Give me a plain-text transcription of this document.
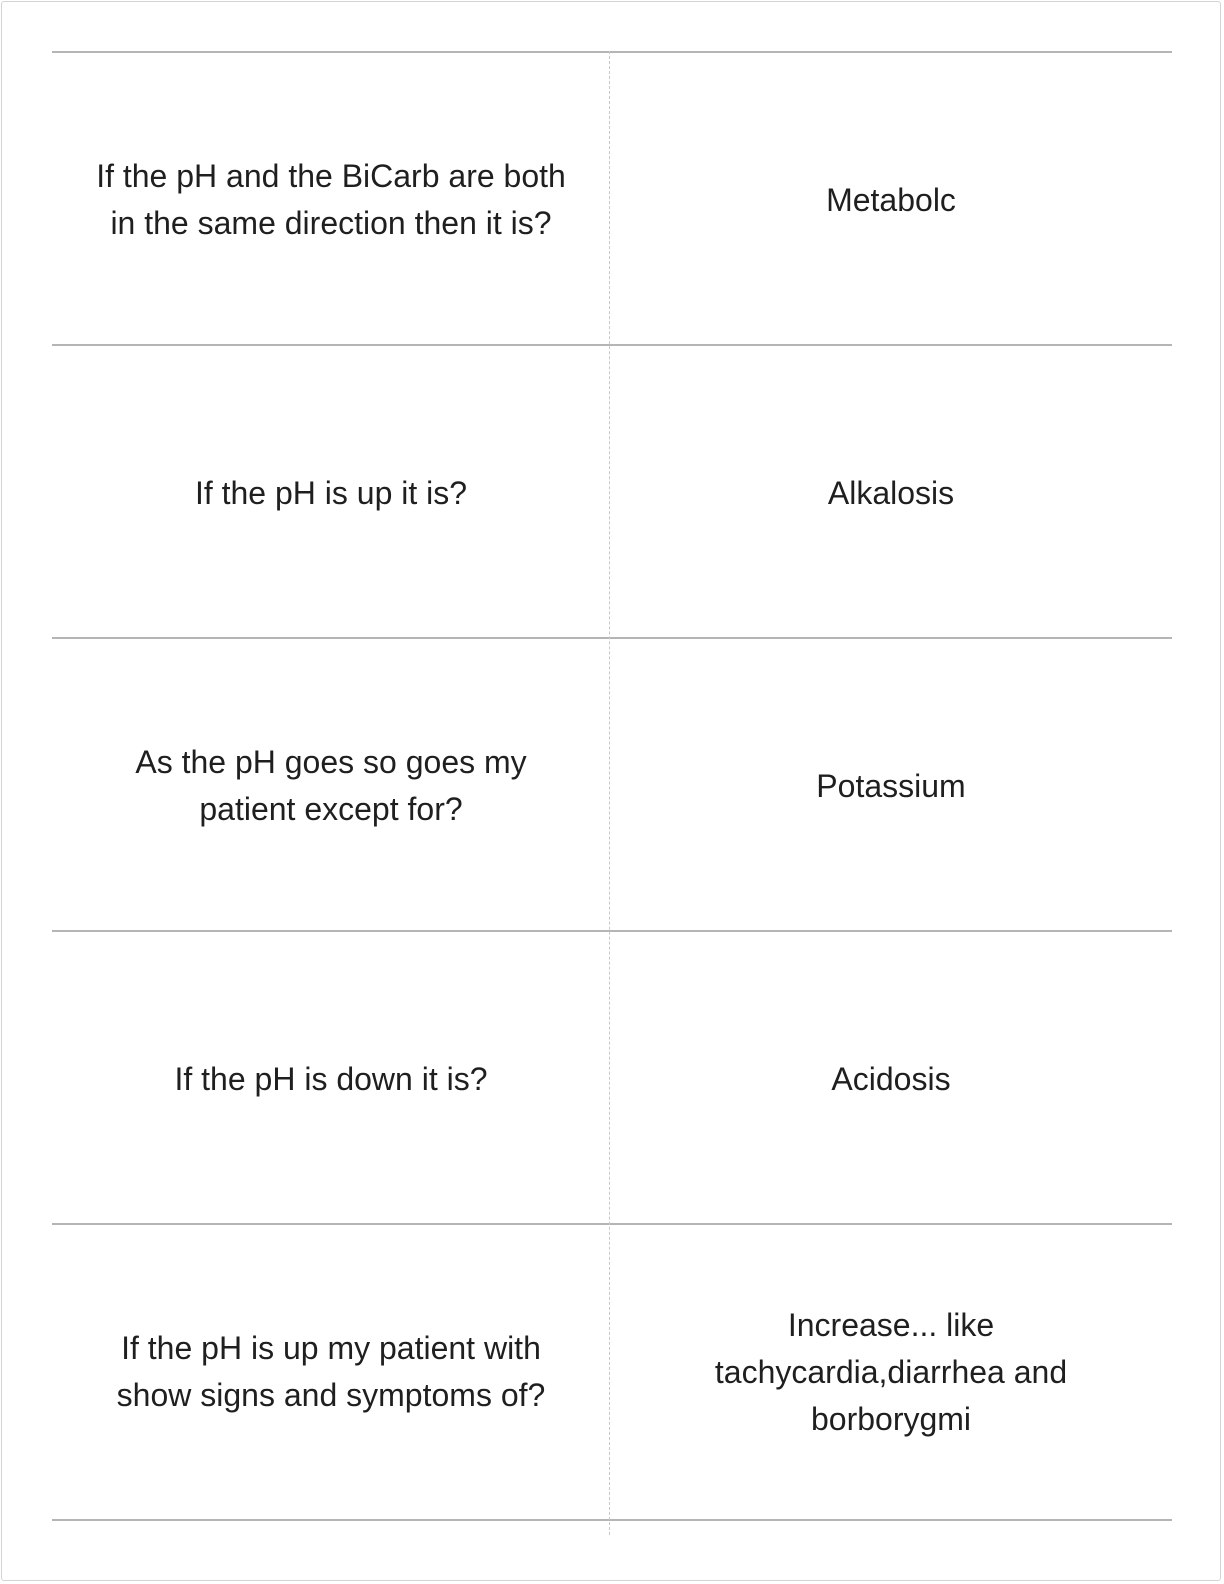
If the pH and the BiCarb are both
in the same direction then it is?
Metabolc
If the pH is up it is?	Alkalosis
As the pH goes so goes my
patient except for?
Potassium
If the pH is down it is?	Acidosis
If the pH is up my patient with
show signs and symptoms of?
Increase... like
tachycardia,diarrhea and
borborygmi
